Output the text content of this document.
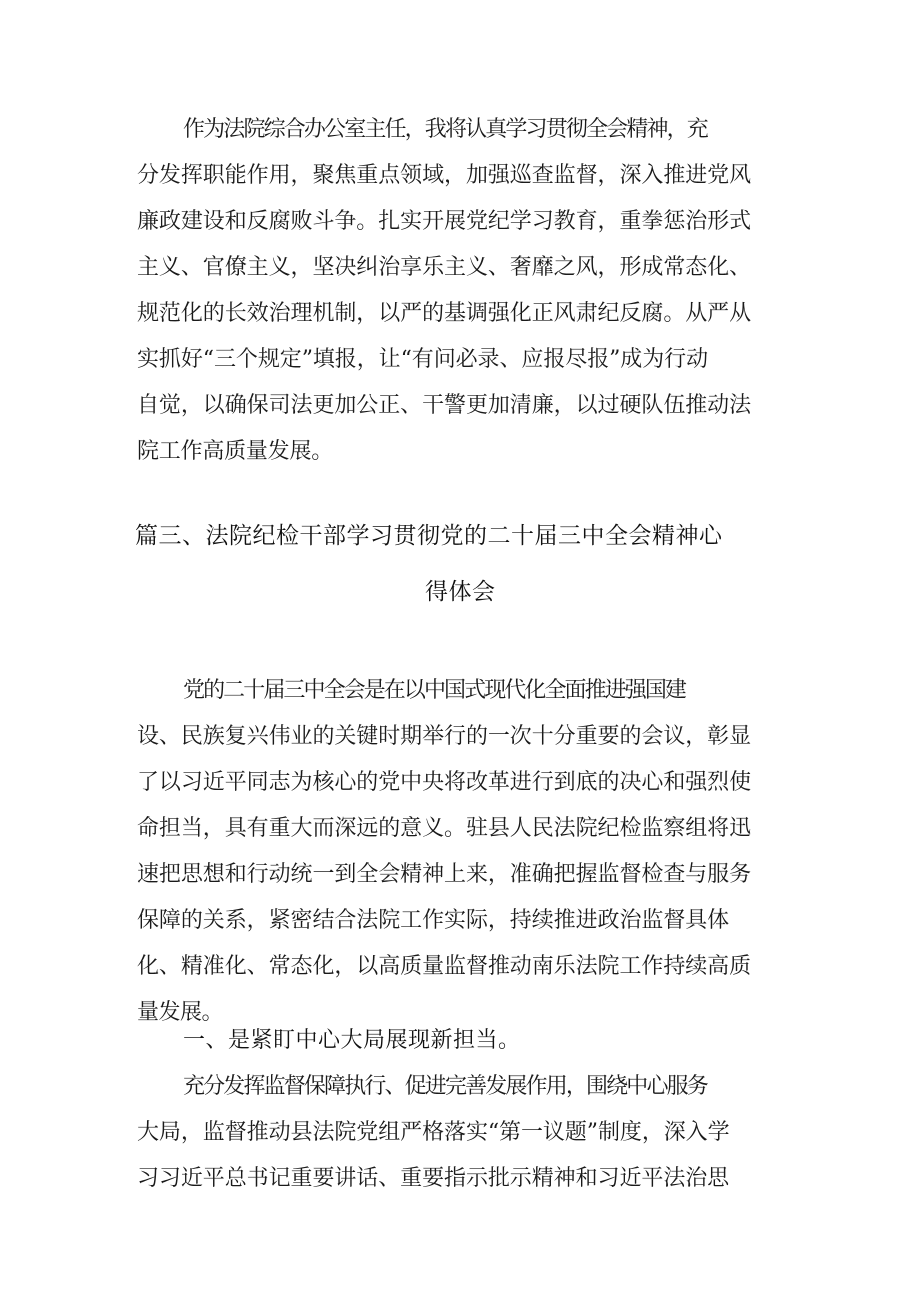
作为法院综合办公室主任，我将认真学习贯彻全会精神，充
分发挥职能作用，聚焦重点领域，加强巡查监督，深入推进党风
廉政建设和反腐败斗争。扎实开展党纪学习教育，重拳惩治形式
主义、官僚主义，坚决纠治享乐主义、奢靡之风，形成常态化、
规范化的长效治理机制，以严的基调强化正风肃纪反腐。从严从
实抓好“三个规定”填报，让“有问必录、应报尽报”成为行动
自觉，以确保司法更加公正、干警更加清廉，以过硬队伍推动法
院工作高质量发展。
篇三、法院纪检干部学习贯彻党的二十届三中全会精神心
得体会
党的二十届三中全会是在以中国式现代化全面推进强国建
设、民族复兴伟业的关键时期举行的一次十分重要的会议，彰显
了以习近平同志为核心的党中央将改革进行到底的决心和强烈使
命担当，具有重大而深远的意义。驻县人民法院纪检监察组将迅
速把思想和行动统一到全会精神上来，准确把握监督检查与服务
保障的关系，紧密结合法院工作实际，持续推进政治监督具体
化、精准化、常态化，以高质量监督推动南乐法院工作持续高质
量发展。
一、是紧盯中心大局展现新担当。
充分发挥监督保障执行、促进完善发展作用，围绕中心服务
大局，监督推动县法院党组严格落实“第一议题”制度，深入学
习习近平总书记重要讲话、重要指示批示精神和习近平法治思
